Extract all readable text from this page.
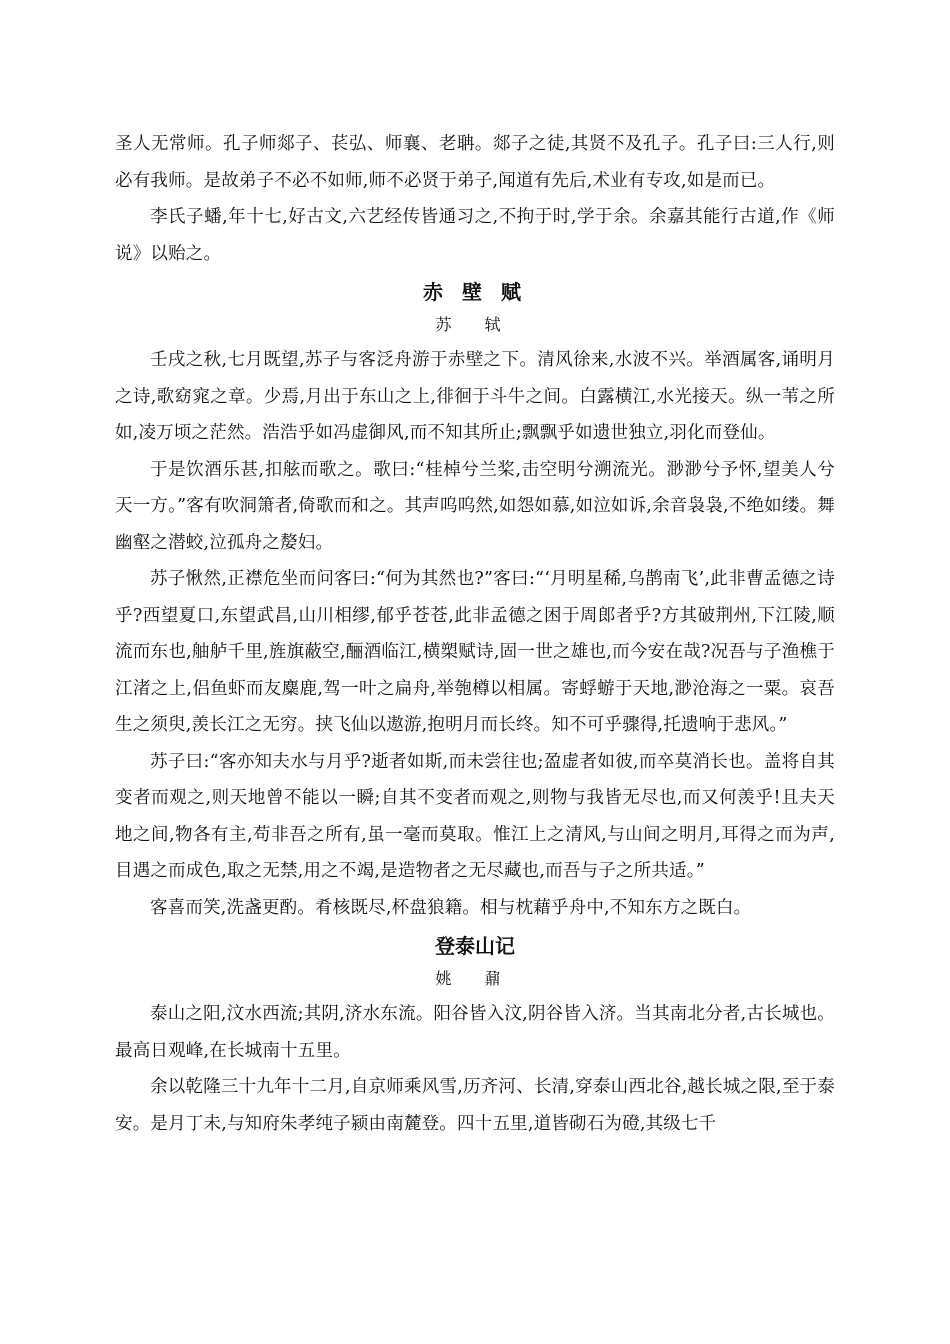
圣人无常师。孔子师郯子、苌弘、师襄、老聃。郯子之徒,其贤不及孔子。孔子曰:三人行,则必有我师。是故弟子不必不如师,师不必贤于弟子,闻道有先后,术业有专攻,如是而已。

李氏子蟠,年十七,好古文,六艺经传皆通习之,不拘于时,学于余。余嘉其能行古道,作《师说》以贻之。

赤 壁 赋
苏 轼

壬戌之秋,七月既望,苏子与客泛舟游于赤壁之下。清风徐来,水波不兴。举酒属客,诵明月之诗,歌窈窕之章。少焉,月出于东山之上,徘徊于斗牛之间。白露横江,水光接天。纵一苇之所如,凌万顷之茫然。浩浩乎如冯虚御风,而不知其所止;飘飘乎如遗世独立,羽化而登仙。

于是饮酒乐甚,扣舷而歌之。歌曰:“桂棹兮兰桨,击空明兮溯流光。渺渺兮予怀,望美人兮天一方。”客有吹洞箫者,倚歌而和之。其声呜呜然,如怨如慕,如泣如诉,余音袅袅,不绝如缕。舞幽壑之潜蛟,泣孤舟之嫠妇。

苏子愀然,正襟危坐而问客曰:“何为其然也?”客曰:“‘月明星稀,乌鹊南飞’,此非曹孟德之诗乎?西望夏口,东望武昌,山川相缪,郁乎苍苍,此非孟德之困于周郎者乎?方其破荆州,下江陵,顺流而东也,舳舻千里,旌旗蔽空,酾酒临江,横槊赋诗,固一世之雄也,而今安在哉?况吾与子渔樵于江渚之上,侣鱼虾而友麋鹿,驾一叶之扁舟,举匏樽以相属。寄蜉蝣于天地,渺沧海之一粟。哀吾生之须臾,羡长江之无穷。挟飞仙以遨游,抱明月而长终。知不可乎骤得,托遗响于悲风。”

苏子曰:“客亦知夫水与月乎?逝者如斯,而未尝往也;盈虚者如彼,而卒莫消长也。盖将自其变者而观之,则天地曾不能以一瞬;自其不变者而观之,则物与我皆无尽也,而又何羡乎!且夫天地之间,物各有主,苟非吾之所有,虽一毫而莫取。惟江上之清风,与山间之明月,耳得之而为声,目遇之而成色,取之无禁,用之不竭,是造物者之无尽藏也,而吾与子之所共适。”

客喜而笑,洗盏更酌。肴核既尽,杯盘狼籍。相与枕藉乎舟中,不知东方之既白。

登泰山记
姚 鼐

泰山之阳,汶水西流;其阴,济水东流。阳谷皆入汶,阴谷皆入济。当其南北分者,古长城也。最高日观峰,在长城南十五里。

余以乾隆三十九年十二月,自京师乘风雪,历齐河、长清,穿泰山西北谷,越长城之限,至于泰安。是月丁未,与知府朱孝纯子颍由南麓登。四十五里,道皆砌石为磴,其级七千
